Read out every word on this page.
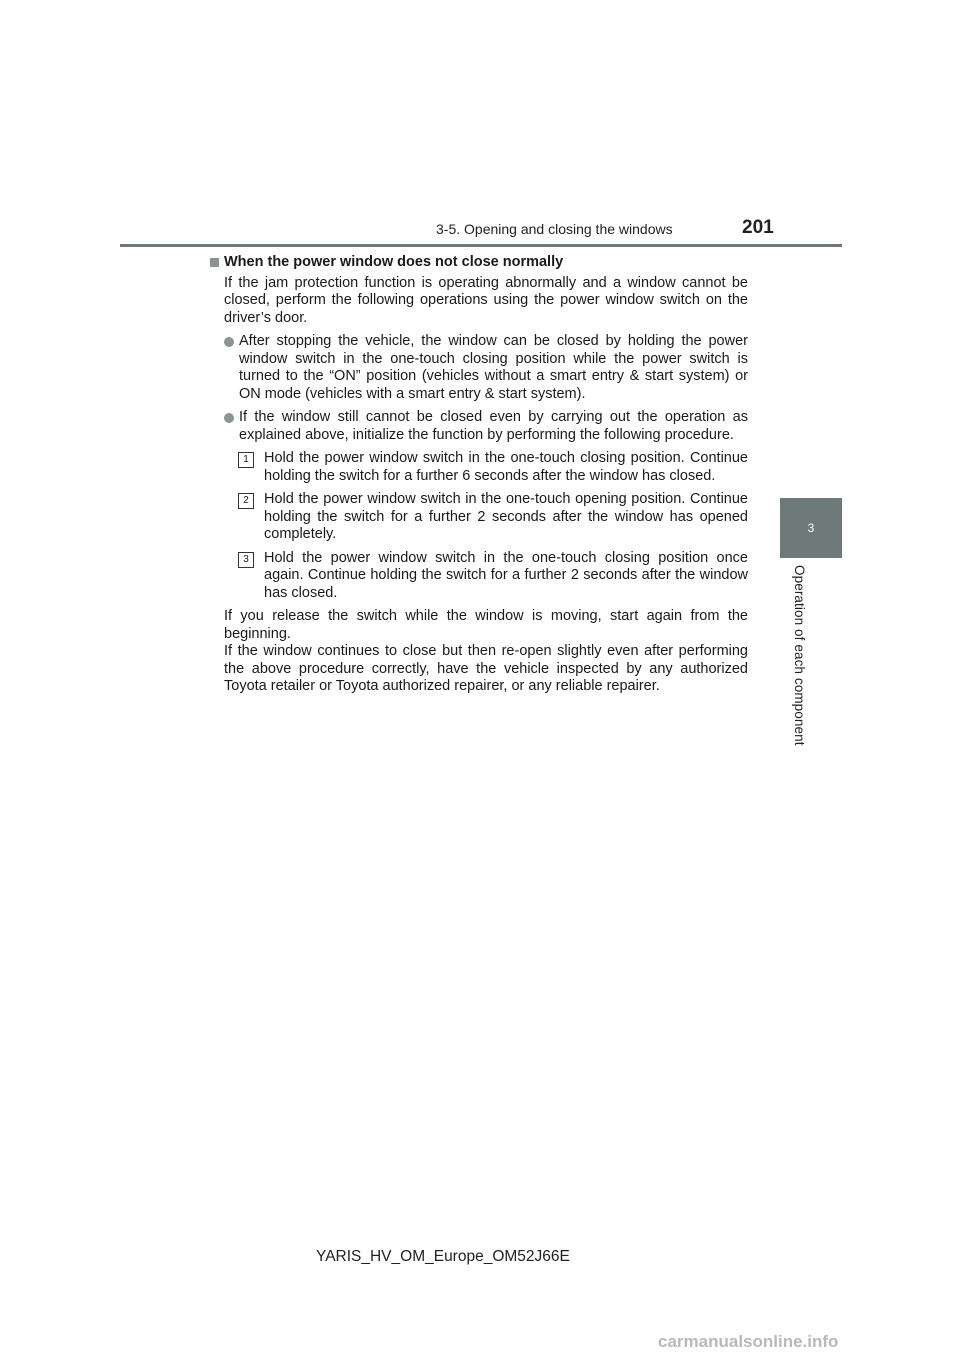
3-5. Opening and closing the windows	201
3
Operation of each component
When the power window does not close normally

If the jam protection function is operating abnormally and a window cannot be closed, perform the following operations using the power window switch on the driver’s door.

After stopping the vehicle, the window can be closed by holding the power window switch in the one-touch closing position while the power switch is turned to the “ON” position (vehicles without a smart entry & start system) or ON mode (vehicles with a smart entry & start system).
If the window still cannot be closed even by carrying out the operation as explained above, initialize the function by performing the following procedure.
1	Hold the power window switch in the one-touch closing position. Continue holding the switch for a further 6 seconds after the window has closed.
2	Hold the power window switch in the one-touch opening position. Continue holding the switch for a further 2 seconds after the window has opened completely.
3	Hold the power window switch in the one-touch closing position once again. Continue holding the switch for a further 2 seconds after the window has closed.

If you release the switch while the window is moving, start again from the beginning.

If the window continues to close but then re-open slightly even after performing the above procedure correctly, have the vehicle inspected by any authorized Toyota retailer or Toyota authorized repairer, or any reliable repairer.

YARIS_HV_OM_Europe_OM52J66E
carmanualsonline.info
